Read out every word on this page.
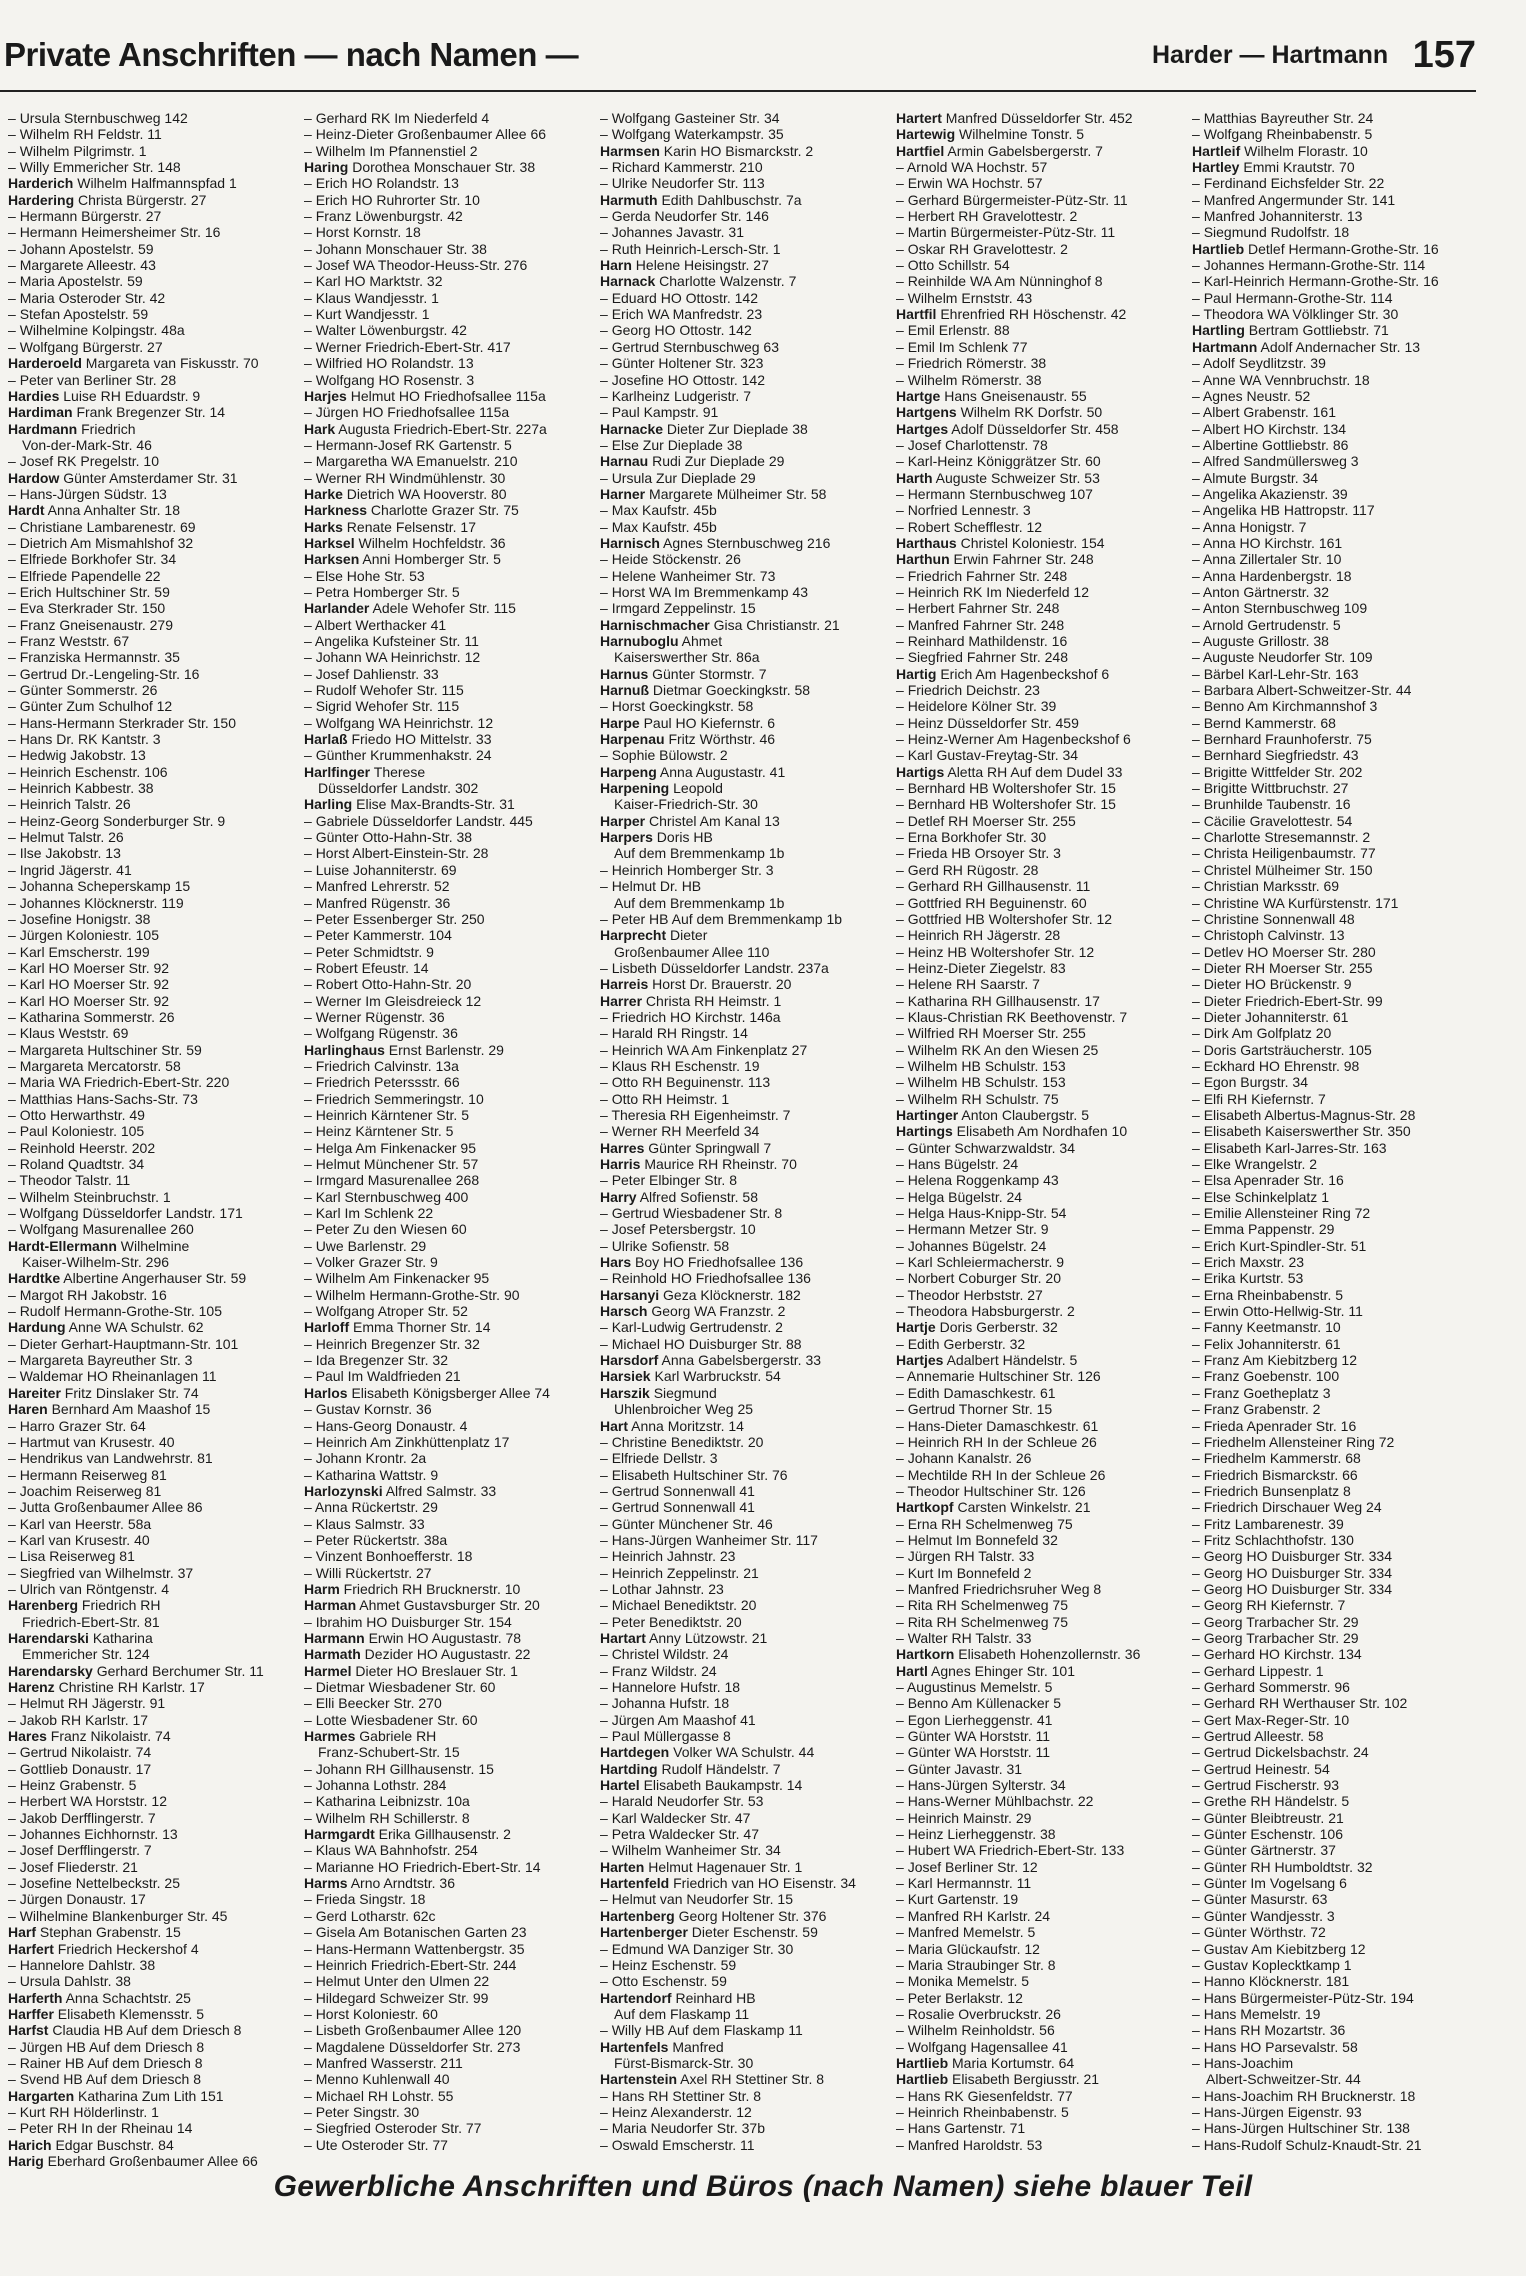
Private Anschriften — nach Namen —	Harder — Hartmann 157
– Ursula Sternbuschweg 142
– Wilhelm RH Feldstr. 11
– Wilhelm Pilgrimstr. 1
– Willy Emmericher Str. 148
Harderich Wilhelm Halfmannspfad 1
Hardering Christa Bürgerstr. 27
– Hermann Bürgerstr. 27
– Hermann Heimersheimer Str. 16
– Johann Apostelstr. 59
– Margarete Alleestr. 43
– Maria Apostelstr. 59
– Maria Osteroder Str. 42
– Stefan Apostelstr. 59
– Wilhelmine Kolpingstr. 48a
– Wolfgang Bürgerstr. 27
Harderoeld Margareta van Fiskusstr. 70
– Peter van Berliner Str. 28
Hardies Luise RH Eduardstr. 9
Hardiman Frank Bregenzer Str. 14
Hardmann Friedrich
 Von-der-Mark-Str. 46
– Josef RK Pregelstr. 10
Hardow Günter Amsterdamer Str. 31
– Hans-Jürgen Südstr. 13
Hardt Anna Anhalter Str. 18
– Christiane Lambarenestr. 69
– Dietrich Am Mismahlshof 32
– Elfriede Borkhofer Str. 34
– Elfriede Papendelle 22
– Erich Hultschiner Str. 59
– Eva Sterkrader Str. 150
– Franz Gneisenaustr. 279
– Franz Weststr. 67
– Franziska Hermannstr. 35
– Gertrud Dr.-Lengeling-Str. 16
– Günter Sommerstr. 26
– Günter Zum Schulhof 12
– Hans-Hermann Sterkrader Str. 150
– Hans Dr. RK Kantstr. 3
– Hedwig Jakobstr. 13
– Heinrich Eschenstr. 106
– Heinrich Kabbestr. 38
– Heinrich Talstr. 26
– Heinz-Georg Sonderburger Str. 9
– Helmut Talstr. 26
– Ilse Jakobstr. 13
– Ingrid Jägerstr. 41
– Johanna Scheperskamp 15
– Johannes Klöcknerstr. 119
– Josefine Honigstr. 38
– Jürgen Koloniestr. 105
– Karl Emscherstr. 199
– Karl HO Moerser Str. 92
– Karl HO Moerser Str. 92
– Karl HO Moerser Str. 92
– Katharina Sommerstr. 26
– Klaus Weststr. 69
– Margareta Hultschiner Str. 59
– Margareta Mercatorstr. 58
– Maria WA Friedrich-Ebert-Str. 220
– Matthias Hans-Sachs-Str. 73
– Otto Herwarthstr. 49
– Paul Koloniestr. 105
– Reinhold Heerstr. 202
– Roland Quadtstr. 34
– Theodor Talstr. 11
– Wilhelm Steinbruchstr. 1
– Wolfgang Düsseldorfer Landstr. 171
– Wolfgang Masurenallee 260
Hardt-Ellermann Wilhelmine
 Kaiser-Wilhelm-Str. 296
Hardtke Albertine Angerhauser Str. 59
– Margot RH Jakobstr. 16
– Rudolf Hermann-Grothe-Str. 105
Hardung Anne WA Schulstr. 62
– Dieter Gerhart-Hauptmann-Str. 101
– Margareta Bayreuther Str. 3
– Waldemar HO Rheinanlagen 11
Hareiter Fritz Dinslaker Str. 74
Haren Bernhard Am Maashof 15
– Harro Grazer Str. 64
– Hartmut van Krusestr. 40
– Hendrikus van Landwehrstr. 81
– Hermann Reiserweg 81
– Joachim Reiserweg 81
– Jutta Großenbaumer Allee 86
– Karl van Heerstr. 58a
– Karl van Krusestr. 40
– Lisa Reiserweg 81
– Siegfried van Wilhelmstr. 37
– Ulrich van Röntgenstr. 4
Harenberg Friedrich RH
 Friedrich-Ebert-Str. 81
Harendarski Katharina
 Emmericher Str. 124
Harendarsky Gerhard Berchumer Str. 11
Harenz Christine RH Karlstr. 17
– Helmut RH Jägerstr. 91
– Jakob RH Karlstr. 17
Hares Franz Nikolaistr. 74
– Gertrud Nikolaistr. 74
– Gottlieb Donaustr. 17
– Heinz Grabenstr. 5
– Herbert WA Horststr. 12
– Jakob Derfflingerstr. 7
– Johannes Eichhornstr. 13
– Josef Derfflingerstr. 7
– Josef Fliederstr. 21
– Josefine Nettelbeckstr. 25
– Jürgen Donaustr. 17
– Wilhelmine Blankenburger Str. 45
Harf Stephan Grabenstr. 15
Harfert Friedrich Heckershof 4
– Hannelore Dahlstr. 38
– Ursula Dahlstr. 38
Harferth Anna Schachtstr. 25
Harffer Elisabeth Klemensstr. 5
Harfst Claudia HB Auf dem Driesch 8
– Jürgen HB Auf dem Driesch 8
– Rainer HB Auf dem Driesch 8
– Svend HB Auf dem Driesch 8
Hargarten Katharina Zum Lith 151
– Kurt RH Hölderlinstr. 1
– Peter RH In der Rheinau 14
Harich Edgar Buschstr. 84
Harig Eberhard Großenbaumer Allee 66
– Gerhard RK Im Niederfeld 4
– Heinz-Dieter Großenbaumer Allee 66
– Wilhelm Im Pfannenstiel 2
Haring Dorothea Monschauer Str. 38
– Erich HO Rolandstr. 13
– Erich HO Ruhrorter Str. 10
– Franz Löwenburgstr. 42
– Horst Kornstr. 18
– Johann Monschauer Str. 38
– Josef WA Theodor-Heuss-Str. 276
– Karl HO Marktstr. 32
– Klaus Wandjesstr. 1
– Kurt Wandjesstr. 1
– Walter Löwenburgstr. 42
– Werner Friedrich-Ebert-Str. 417
– Wilfried HO Rolandstr. 13
– Wolfgang HO Rosenstr. 3
Harjes Helmut HO Friedhofsallee 115a
– Jürgen HO Friedhofsallee 115a
Hark Augusta Friedrich-Ebert-Str. 227a
– Hermann-Josef RK Gartenstr. 5
– Margaretha WA Emanuelstr. 210
– Werner RH Windmühlenstr. 30
Harke Dietrich WA Hooverstr. 80
Harkness Charlotte Grazer Str. 75
Harks Renate Felsenstr. 17
Harksel Wilhelm Hochfeldstr. 36
Harksen Anni Homberger Str. 5
– Else Hohe Str. 53
– Petra Homberger Str. 5
Harlander Adele Wehofer Str. 115
– Albert Werthacker 41
– Angelika Kufsteiner Str. 11
– Johann WA Heinrichstr. 12
– Josef Dahlienstr. 33
– Rudolf Wehofer Str. 115
– Sigrid Wehofer Str. 115
– Wolfgang WA Heinrichstr. 12
Harlaß Friedo HO Mittelstr. 33
– Günther Krummenhakstr. 24
Harlfinger Therese
 Düsseldorfer Landstr. 302
Harling Elise Max-Brandts-Str. 31
– Gabriele Düsseldorfer Landstr. 445
– Günter Otto-Hahn-Str. 38
– Horst Albert-Einstein-Str. 28
– Luise Johanniterstr. 69
– Manfred Lehrerstr. 52
– Manfred Rügenstr. 36
– Peter Essenberger Str. 250
– Peter Kammerstr. 104
– Peter Schmidtstr. 9
– Robert Efeustr. 14
– Robert Otto-Hahn-Str. 20
– Werner Im Gleisdreieck 12
– Werner Rügenstr. 36
– Wolfgang Rügenstr. 36
Harlinghaus Ernst Barlenstr. 29
– Friedrich Calvinstr. 13a
– Friedrich Peterssstr. 66
– Friedrich Semmeringstr. 10
– Heinrich Kärntener Str. 5
– Heinz Kärntener Str. 5
– Helga Am Finkenacker 95
– Helmut Münchener Str. 57
– Irmgard Masurenallee 268
– Karl Sternbuschweg 400
– Karl Im Schlenk 22
– Peter Zu den Wiesen 60
– Uwe Barlenstr. 29
– Volker Grazer Str. 9
– Wilhelm Am Finkenacker 95
– Wilhelm Hermann-Grothe-Str. 90
– Wolfgang Atroper Str. 52
Harloff Emma Thorner Str. 14
– Heinrich Bregenzer Str. 32
– Ida Bregenzer Str. 32
– Paul Im Waldfrieden 21
Harlos Elisabeth Königsberger Allee 74
– Gustav Kornstr. 36
– Hans-Georg Donaustr. 4
– Heinrich Am Zinkhüttenplatz 17
– Johann Krontr. 2a
– Katharina Wattstr. 9
Harlozynski Alfred Salmstr. 33
– Anna Rückertstr. 29
– Klaus Salmstr. 33
– Peter Rückertstr. 38a
– Vinzent Bonhoefferstr. 18
– Willi Rückertstr. 27
Harm Friedrich RH Brucknerstr. 10
Harman Ahmet Gustavsburger Str. 20
– Ibrahim HO Duisburger Str. 154
Harmann Erwin HO Augustastr. 78
Harmath Dezider HO Augustastr. 22
Harmel Dieter HO Breslauer Str. 1
– Dietmar Wiesbadener Str. 60
– Elli Beecker Str. 270
– Lotte Wiesbadener Str. 60
Harmes Gabriele RH
 Franz-Schubert-Str. 15
– Johann RH Gillhausenstr. 15
– Johanna Lothstr. 284
– Katharina Leibnizstr. 10a
– Wilhelm RH Schillerstr. 8
Harmgardt Erika Gillhausenstr. 2
– Klaus WA Bahnhofstr. 254
– Marianne HO Friedrich-Ebert-Str. 14
Harms Arno Arndtstr. 36
– Frieda Singstr. 18
– Gerd Lotharstr. 62c
– Gisela Am Botanischen Garten 23
– Hans-Hermann Wattenbergstr. 35
– Heinrich Friedrich-Ebert-Str. 244
– Helmut Unter den Ulmen 22
– Hildegard Schweizer Str. 99
– Horst Koloniestr. 60
– Lisbeth Großenbaumer Allee 120
– Magdalene Düsseldorfer Str. 273
– Manfred Wasserstr. 211
– Menno Kuhlenwall 40
– Michael RH Lohstr. 55
– Peter Singstr. 30
– Siegfried Osteroder Str. 77
– Ute Osteroder Str. 77
– Wolfgang Gasteiner Str. 34
– Wolfgang Waterkampstr. 35
Harmsen Karin HO Bismarckstr. 2
– Richard Kammerstr. 210
– Ulrike Neudorfer Str. 113
Harmuth Edith Dahlbuschstr. 7a
– Gerda Neudorfer Str. 146
– Johannes Javastr. 31
– Ruth Heinrich-Lersch-Str. 1
Harn Helene Heisingstr. 27
Harnack Charlotte Walzenstr. 7
– Eduard HO Ottostr. 142
– Erich WA Manfredstr. 23
– Georg HO Ottostr. 142
– Gertrud Sternbuschweg 63
– Günter Holtener Str. 323
– Josefine HO Ottostr. 142
– Karlheinz Ludgeristr. 7
– Paul Kampstr. 91
Harnacke Dieter Zur Dieplade 38
– Else Zur Dieplade 38
Harnau Rudi Zur Dieplade 29
– Ursula Zur Dieplade 29
Harner Margarete Mülheimer Str. 58
– Max Kaufstr. 45b
– Max Kaufstr. 45b
Harnisch Agnes Sternbuschweg 216
– Heide Stöckenstr. 26
– Helene Wanheimer Str. 73
– Horst WA Im Bremmenkamp 43
– Irmgard Zeppelinstr. 15
Harnischmacher Gisa Christianstr. 21
Harnuboglu Ahmet
 Kaiserswerther Str. 86a
Harnus Günter Stormstr. 7
Harnuß Dietmar Goeckingkstr. 58
– Horst Goeckingkstr. 58
Harpe Paul HO Kiefernstr. 6
Harpenau Fritz Wörthstr. 46
– Sophie Bülowstr. 2
Harpeng Anna Augustastr. 41
Harpening Leopold
 Kaiser-Friedrich-Str. 30
Harper Christel Am Kanal 13
Harpers Doris HB
 Auf dem Bremmenkamp 1b
– Heinrich Homberger Str. 3
– Helmut Dr. HB
 Auf dem Bremmenkamp 1b
– Peter HB Auf dem Bremmenkamp 1b
Harprecht Dieter
 Großenbaumer Allee 110
– Lisbeth Düsseldorfer Landstr. 237a
Harreis Horst Dr. Brauerstr. 20
Harrer Christa RH Heimstr. 1
– Friedrich HO Kirchstr. 146a
– Harald RH Ringstr. 14
– Heinrich WA Am Finkenplatz 27
– Klaus RH Eschenstr. 19
– Otto RH Beguinenstr. 113
– Otto RH Heimstr. 1
– Theresia RH Eigenheimstr. 7
– Werner RH Meerfeld 34
Harres Günter Springwall 7
Harris Maurice RH Rheinstr. 70
– Peter Elbinger Str. 8
Harry Alfred Sofienstr. 58
– Gertrud Wiesbadener Str. 8
– Josef Petersbergstr. 10
– Ulrike Sofienstr. 58
Hars Boy HO Friedhofsallee 136
– Reinhold HO Friedhofsallee 136
Harsanyi Geza Klöcknerstr. 182
Harsch Georg WA Franzstr. 2
– Karl-Ludwig Gertrudenstr. 2
– Michael HO Duisburger Str. 88
Harsdorf Anna Gabelsbergerstr. 33
Harsiek Karl Warbruckstr. 54
Harszik Siegmund
 Uhlenbroicher Weg 25
Hart Anna Moritzstr. 14
– Christine Benediktstr. 20
– Elfriede Dellstr. 3
– Elisabeth Hultschiner Str. 76
– Gertrud Sonnenwall 41
– Gertrud Sonnenwall 41
– Günter Münchener Str. 46
– Hans-Jürgen Wanheimer Str. 117
– Heinrich Jahnstr. 23
– Heinrich Zeppelinstr. 21
– Lothar Jahnstr. 23
– Michael Benediktstr. 20
– Peter Benediktstr. 20
Hartart Anny Lützowstr. 21
– Christel Wildstr. 24
– Franz Wildstr. 24
– Hannelore Hufstr. 18
– Johanna Hufstr. 18
– Jürgen Am Maashof 41
– Paul Müllergasse 8
Hartdegen Volker WA Schulstr. 44
Hartding Rudolf Händelstr. 7
Hartel Elisabeth Baukampstr. 14
– Harald Neudorfer Str. 53
– Karl Waldecker Str. 47
– Petra Waldecker Str. 47
– Wilhelm Wanheimer Str. 34
Harten Helmut Hagenauer Str. 1
Hartenfeld Friedrich van HO Eisenstr. 34
– Helmut van Neudorfer Str. 15
Hartenberg Georg Holtener Str. 376
Hartenberger Dieter Eschenstr. 59
– Edmund WA Danziger Str. 30
– Heinz Eschenstr. 59
– Otto Eschenstr. 59
Hartendorf Reinhard HB
 Auf dem Flaskamp 11
– Willy HB Auf dem Flaskamp 11
Hartenfels Manfred
 Fürst-Bismarck-Str. 30
Hartenstein Axel RH Stettiner Str. 8
– Hans RH Stettiner Str. 8
– Heinz Alexanderstr. 12
– Maria Neudorfer Str. 37b
– Oswald Emscherstr. 11
Hartert Manfred Düsseldorfer Str. 452
Hartewig Wilhelmine Tonstr. 5
Hartfiel Armin Gabelsbergerstr. 7
– Arnold WA Hochstr. 57
– Erwin WA Hochstr. 57
– Gerhard Bürgermeister-Pütz-Str. 11
– Herbert RH Gravelottestr. 2
– Martin Bürgermeister-Pütz-Str. 11
– Oskar RH Gravelottestr. 2
– Otto Schillstr. 54
– Reinhilde WA Am Nünninghof 8
– Wilhelm Ernststr. 43
Hartfil Ehrenfried RH Höschenstr. 42
– Emil Erlenstr. 88
– Emil Im Schlenk 77
– Friedrich Römerstr. 38
– Wilhelm Römerstr. 38
Hartge Hans Gneisenaustr. 55
Hartgens Wilhelm RK Dorfstr. 50
Hartges Adolf Düsseldorfer Str. 458
– Josef Charlottenstr. 78
– Karl-Heinz Königgrätzer Str. 60
Harth Auguste Schweizer Str. 53
– Hermann Sternbuschweg 107
– Norfried Lennestr. 3
– Robert Schefflestr. 12
Harthaus Christel Koloniestr. 154
Harthun Erwin Fahrner Str. 248
– Friedrich Fahrner Str. 248
– Heinrich RK Im Niederfeld 12
– Herbert Fahrner Str. 248
– Manfred Fahrner Str. 248
– Reinhard Mathildenstr. 16
– Siegfried Fahrner Str. 248
Hartig Erich Am Hagenbeckshof 6
– Friedrich Deichstr. 23
– Heidelore Kölner Str. 39
– Heinz Düsseldorfer Str. 459
– Heinz-Werner Am Hagenbeckshof 6
– Karl Gustav-Freytag-Str. 34
Hartigs Aletta RH Auf dem Dudel 33
– Bernhard HB Woltershofer Str. 15
– Bernhard HB Woltershofer Str. 15
– Detlef RH Moerser Str. 255
– Erna Borkhofer Str. 30
– Frieda HB Orsoyer Str. 3
– Gerd RH Rügostr. 28
– Gerhard RH Gillhausenstr. 11
– Gottfried RH Beguinenstr. 60
– Gottfried HB Woltershofer Str. 12
– Heinrich RH Jägerstr. 28
– Heinz HB Woltershofer Str. 12
– Heinz-Dieter Ziegelstr. 83
– Helene RH Saarstr. 7
– Katharina RH Gillhausenstr. 17
– Klaus-Christian RK Beethovenstr. 7
– Wilfried RH Moerser Str. 255
– Wilhelm RK An den Wiesen 25
– Wilhelm HB Schulstr. 153
– Wilhelm HB Schulstr. 153
– Wilhelm RH Schulstr. 75
Hartinger Anton Claubergstr. 5
Hartings Elisabeth Am Nordhafen 10
– Günter Schwarzwaldstr. 34
– Hans Bügelstr. 24
– Helena Roggenkamp 43
– Helga Bügelstr. 24
– Helga Haus-Knipp-Str. 54
– Hermann Metzer Str. 9
– Johannes Bügelstr. 24
– Karl Schleiermacherstr. 9
– Norbert Coburger Str. 20
– Theodor Herbststr. 27
– Theodora Habsburgerstr. 2
Hartje Doris Gerberstr. 32
– Edith Gerberstr. 32
Hartjes Adalbert Händelstr. 5
– Annemarie Hultschiner Str. 126
– Edith Damaschkestr. 61
– Gertrud Thorner Str. 15
– Hans-Dieter Damaschkestr. 61
– Heinrich RH In der Schleue 26
– Johann Kanalstr. 26
– Mechtilde RH In der Schleue 26
– Theodor Hultschiner Str. 126
Hartkopf Carsten Winkelstr. 21
– Erna RH Schelmenweg 75
– Helmut Im Bonnefeld 32
– Jürgen RH Talstr. 33
– Kurt Im Bonnefeld 2
– Manfred Friedrichsruher Weg 8
– Rita RH Schelmenweg 75
– Rita RH Schelmenweg 75
– Walter RH Talstr. 33
Hartkorn Elisabeth Hohenzollernstr. 36
Hartl Agnes Ehinger Str. 101
– Augustinus Memelstr. 5
– Benno Am Küllenacker 5
– Egon Lierheggenstr. 41
– Günter WA Horststr. 11
– Günter WA Horststr. 11
– Günter Javastr. 31
– Hans-Jürgen Sylterstr. 34
– Hans-Werner Mühlbachstr. 22
– Heinrich Mainstr. 29
– Heinz Lierheggenstr. 38
– Hubert WA Friedrich-Ebert-Str. 133
– Josef Berliner Str. 12
– Karl Hermannstr. 11
– Kurt Gartenstr. 19
– Manfred RH Karlstr. 24
– Manfred Memelstr. 5
– Maria Glückaufstr. 12
– Maria Straubinger Str. 8
– Monika Memelstr. 5
– Peter Berlakstr. 12
– Rosalie Overbruckstr. 26
– Wilhelm Reinholdstr. 56
– Wolfgang Hagensallee 41
Hartlieb Maria Kortumstr. 64
Hartlieb Elisabeth Bergiusstr. 21
– Hans RK Giesenfeldstr. 77
– Heinrich Rheinbabenstr. 5
– Hans Gartenstr. 71
– Manfred Haroldstr. 53
– Matthias Bayreuther Str. 24
– Wolfgang Rheinbabenstr. 5
Hartleif Wilhelm Florastr. 10
Hartley Emmi Krautstr. 70
– Ferdinand Eichsfelder Str. 22
– Manfred Angermunder Str. 141
– Manfred Johanniterstr. 13
– Siegmund Rudolfstr. 18
Hartlieb Detlef Hermann-Grothe-Str. 16
– Johannes Hermann-Grothe-Str. 114
– Karl-Heinrich Hermann-Grothe-Str. 16
– Paul Hermann-Grothe-Str. 114
– Theodora WA Völklinger Str. 30
Hartling Bertram Gottliebstr. 71
Hartmann Adolf Andernacher Str. 13
– Adolf Seydlitzstr. 39
– Anne WA Vennbruchstr. 18
– Agnes Neustr. 52
– Albert Grabenstr. 161
– Albert HO Kirchstr. 134
– Albertine Gottliebstr. 86
– Alfred Sandmüllersweg 3
– Almute Burgstr. 34
– Angelika Akazienstr. 39
– Angelika HB Hattropstr. 117
– Anna Honigstr. 7
– Anna HO Kirchstr. 161
– Anna Zillertaler Str. 10
– Anna Hardenbergstr. 18
– Anton Gärtnerstr. 32
– Anton Sternbuschweg 109
– Arnold Gertrudenstr. 5
– Auguste Grillostr. 38
– Auguste Neudorfer Str. 109
– Bärbel Karl-Lehr-Str. 163
– Barbara Albert-Schweitzer-Str. 44
– Benno Am Kirchmannshof 3
– Bernd Kammerstr. 68
– Bernhard Fraunhoferstr. 75
– Bernhard Siegfriedstr. 43
– Brigitte Wittfelder Str. 202
– Brigitte Wittbruchstr. 27
– Brunhilde Taubenstr. 16
– Cäcilie Gravelottestr. 54
– Charlotte Stresemannstr. 2
– Christa Heiligenbaumstr. 77
– Christel Mülheimer Str. 150
– Christian Marksstr. 69
– Christine WA Kurfürstenstr. 171
– Christine Sonnenwall 48
– Christoph Calvinstr. 13
– Detlev HO Moerser Str. 280
– Dieter RH Moerser Str. 255
– Dieter HO Brückenstr. 9
– Dieter Friedrich-Ebert-Str. 99
– Dieter Johanniterstr. 61
– Dirk Am Golfplatz 20
– Doris Gartsträucherstr. 105
– Eckhard HO Ehrenstr. 98
– Egon Burgstr. 34
– Elfi RH Kiefernstr. 7
– Elisabeth Albertus-Magnus-Str. 28
– Elisabeth Kaiserswerther Str. 350
– Elisabeth Karl-Jarres-Str. 163
– Elke Wrangelstr. 2
– Elsa Apenrader Str. 16
– Else Schinkelplatz 1
– Emilie Allensteiner Ring 72
– Emma Pappenstr. 29
– Erich Kurt-Spindler-Str. 51
– Erich Maxstr. 23
– Erika Kurtstr. 53
– Erna Rheinbabenstr. 5
– Erwin Otto-Hellwig-Str. 11
– Fanny Keetmanstr. 10
– Felix Johanniterstr. 61
– Franz Am Kiebitzberg 12
– Franz Goebenstr. 100
– Franz Goetheplatz 3
– Franz Grabenstr. 2
– Frieda Apenrader Str. 16
– Friedhelm Allensteiner Ring 72
– Friedhelm Kammerstr. 68
– Friedrich Bismarckstr. 66
– Friedrich Bunsenplatz 8
– Friedrich Dirschauer Weg 24
– Fritz Lambarenestr. 39
– Fritz Schlachthofstr. 130
– Georg HO Duisburger Str. 334
– Georg HO Duisburger Str. 334
– Georg HO Duisburger Str. 334
– Georg RH Kiefernstr. 7
– Georg Trarbacher Str. 29
– Georg Trarbacher Str. 29
– Gerhard HO Kirchstr. 134
– Gerhard Lippestr. 1
– Gerhard Sommerstr. 96
– Gerhard RH Werthauser Str. 102
– Gert Max-Reger-Str. 10
– Gertrud Alleestr. 58
– Gertrud Dickelsbachstr. 24
– Gertrud Heinestr. 54
– Gertrud Fischerstr. 93
– Grethe RH Händelstr. 5
– Günter Bleibtreustr. 21
– Günter Eschenstr. 106
– Günter Gärtnerstr. 37
– Günter RH Humboldtstr. 32
– Günter Im Vogelsang 6
– Günter Masurstr. 63
– Günter Wandjesstr. 3
– Günter Wörthstr. 72
– Gustav Am Kiebitzberg 12
– Gustav Koplecktkamp 1
– Hanno Klöcknerstr. 181
– Hans Bürgermeister-Pütz-Str. 194
– Hans Memelstr. 19
– Hans RH Mozartstr. 36
– Hans HO Parsevalstr. 58
– Hans-Joachim
 Albert-Schweitzer-Str. 44
– Hans-Joachim RH Brucknerstr. 18
– Hans-Jürgen Eigenstr. 93
– Hans-Jürgen Hultschiner Str. 138
– Hans-Rudolf Schulz-Knaudt-Str. 21
Gewerbliche Anschriften und Büros (nach Namen) siehe blauer Teil
